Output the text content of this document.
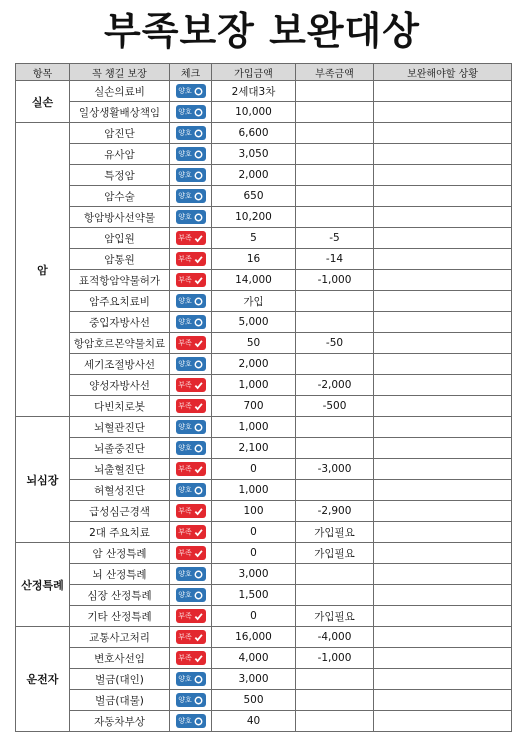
부족보장 보완대상
항목	꼭 챙길 보장	체크	가입금액	부족금액	보완해야할 상황
실손	실손의료비	양호	2세대3차		
	일상생활배상책임	양호	10,000		
암	암진단	양호	6,600		
	유사암	양호	3,050		
	특정암	양호	2,000		
	암수술	양호	650		
	항암방사선약물	양호	10,200		
	암입원	부족	5	-5	
	암통원	부족	16	-14	
	표적항암약물허가	부족	14,000	-1,000	
	암주요치료비	양호	가입		
	중입자방사선	양호	5,000		
	항암호르몬약물치료	부족	50	-50	
	세기조절방사선	양호	2,000		
	양성자방사선	부족	1,000	-2,000	
	다빈치로봇	부족	700	-500	
뇌심장	뇌혈관진단	양호	1,000		
	뇌졸중진단	양호	2,100		
	뇌출혈진단	부족	0	-3,000	
	허혈성진단	양호	1,000		
	급성심근경색	부족	100	-2,900	
	2대 주요치료	부족	0	가입필요	
산정특례	암 산정특례	부족	0	가입필요	
	뇌 산정특례	양호	3,000		
	심장 산정특례	양호	1,500		
	기타 산정특례	부족	0	가입필요	
운전자	교통사고처리	부족	16,000	-4,000	
	변호사선임	부족	4,000	-1,000	
	벌금(대인)	양호	3,000		
	벌금(대물)	양호	500		
	자동차부상	양호	40		
